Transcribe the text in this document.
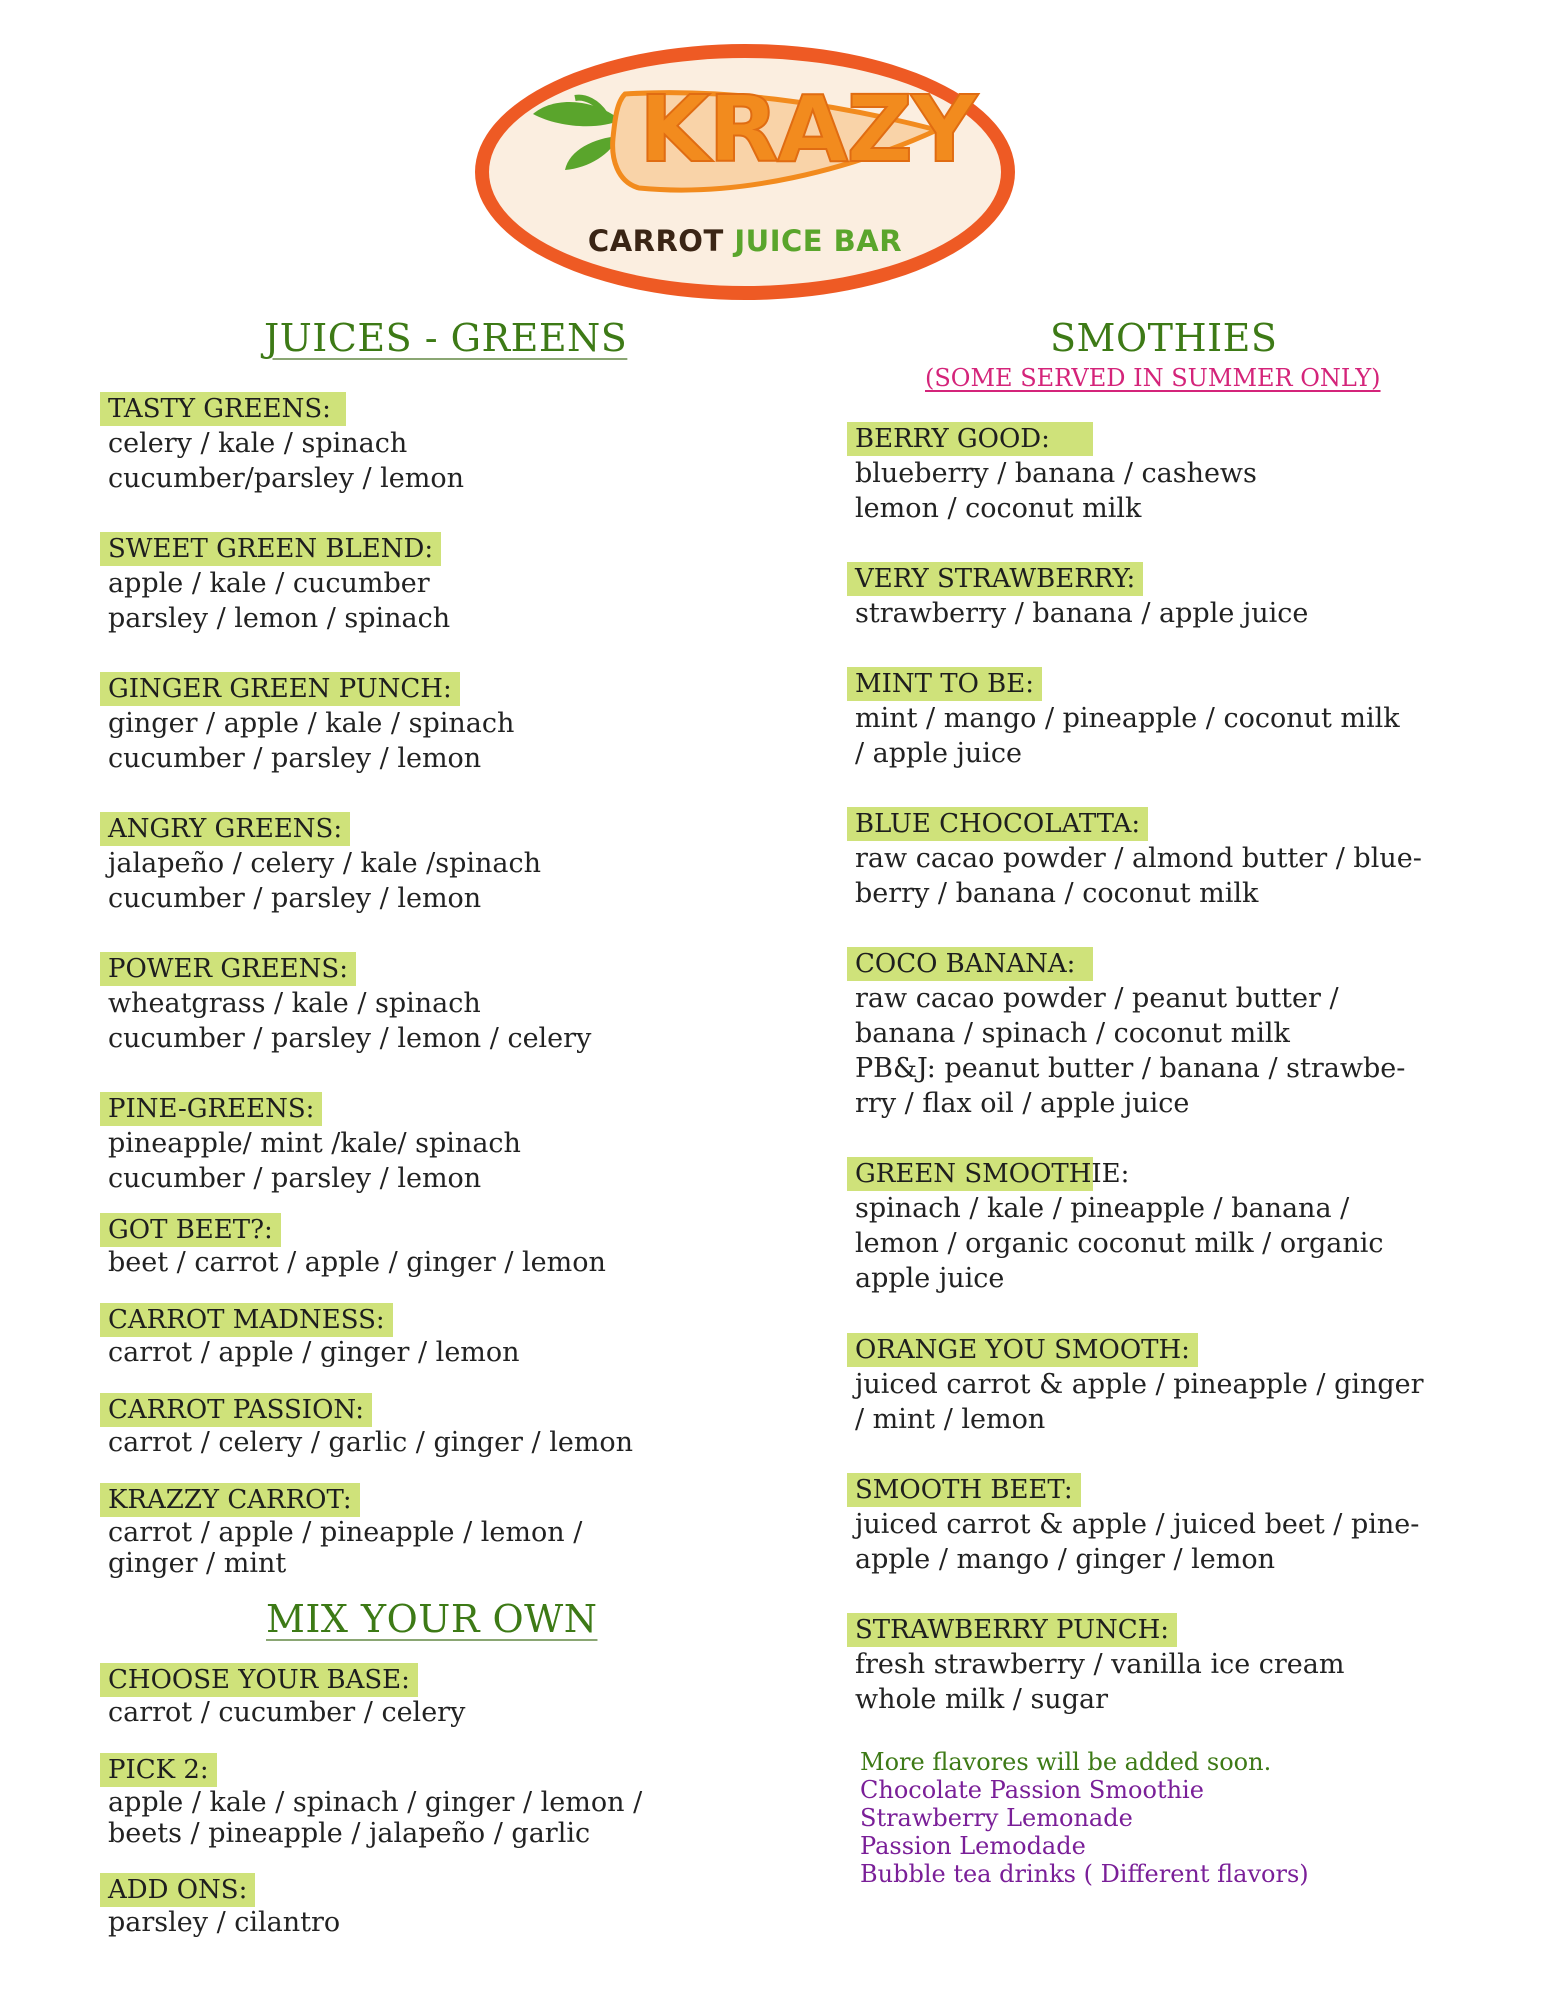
KRAZY
CARROT JUICE BAR
JUICES - GREENS
TASTY GREENS:
celery / kale / spinach
cucumber/parsley / lemon
SWEET GREEN BLEND:
apple / kale / cucumber
parsley / lemon / spinach
GINGER GREEN PUNCH:
ginger / apple / kale / spinach
cucumber / parsley / lemon
ANGRY GREENS:
jalapeño / celery / kale /spinach
cucumber / parsley / lemon
POWER GREENS:
wheatgrass / kale / spinach
cucumber / parsley / lemon / celery
PINE-GREENS:
pineapple/ mint /kale/ spinach
cucumber / parsley / lemon
GOT BEET?:
beet / carrot / apple / ginger / lemon
CARROT MADNESS:
carrot / apple / ginger / lemon
CARROT PASSION:
carrot / celery / garlic / ginger / lemon
KRAZZY CARROT:
carrot / apple / pineapple / lemon /
ginger / mint
MIX YOUR OWN
CHOOSE YOUR BASE:
carrot / cucumber / celery
PICK 2:
apple / kale / spinach / ginger / lemon /
beets / pineapple / jalapeño / garlic
ADD ONS:
parsley / cilantro
SMOTHIES
(SOME SERVED IN SUMMER ONLY)
BERRY GOOD:
blueberry / banana / cashews
lemon / coconut milk
VERY STRAWBERRY:
strawberry / banana / apple juice
MINT TO BE:
mint / mango / pineapple / coconut milk
/ apple juice
BLUE CHOCOLATTA:
raw cacao powder / almond butter / blue-
berry / banana / coconut milk
COCO BANANA:
raw cacao powder / peanut butter /
banana / spinach / coconut milk
PB&J: peanut butter / banana / strawbe-
rry / flax oil / apple juice
GREEN SMOOTHIE:
spinach / kale / pineapple / banana /
lemon / organic coconut milk / organic
apple juice
ORANGE YOU SMOOTH:
juiced carrot & apple / pineapple / ginger
/ mint / lemon
SMOOTH BEET:
juiced carrot & apple / juiced beet / pine-
apple / mango / ginger / lemon
STRAWBERRY PUNCH:
fresh strawberry / vanilla ice cream
whole milk / sugar
More flavores will be added soon.
Chocolate Passion Smoothie
Strawberry Lemonade
Passion Lemodade
Bubble tea drinks ( Different flavors)
